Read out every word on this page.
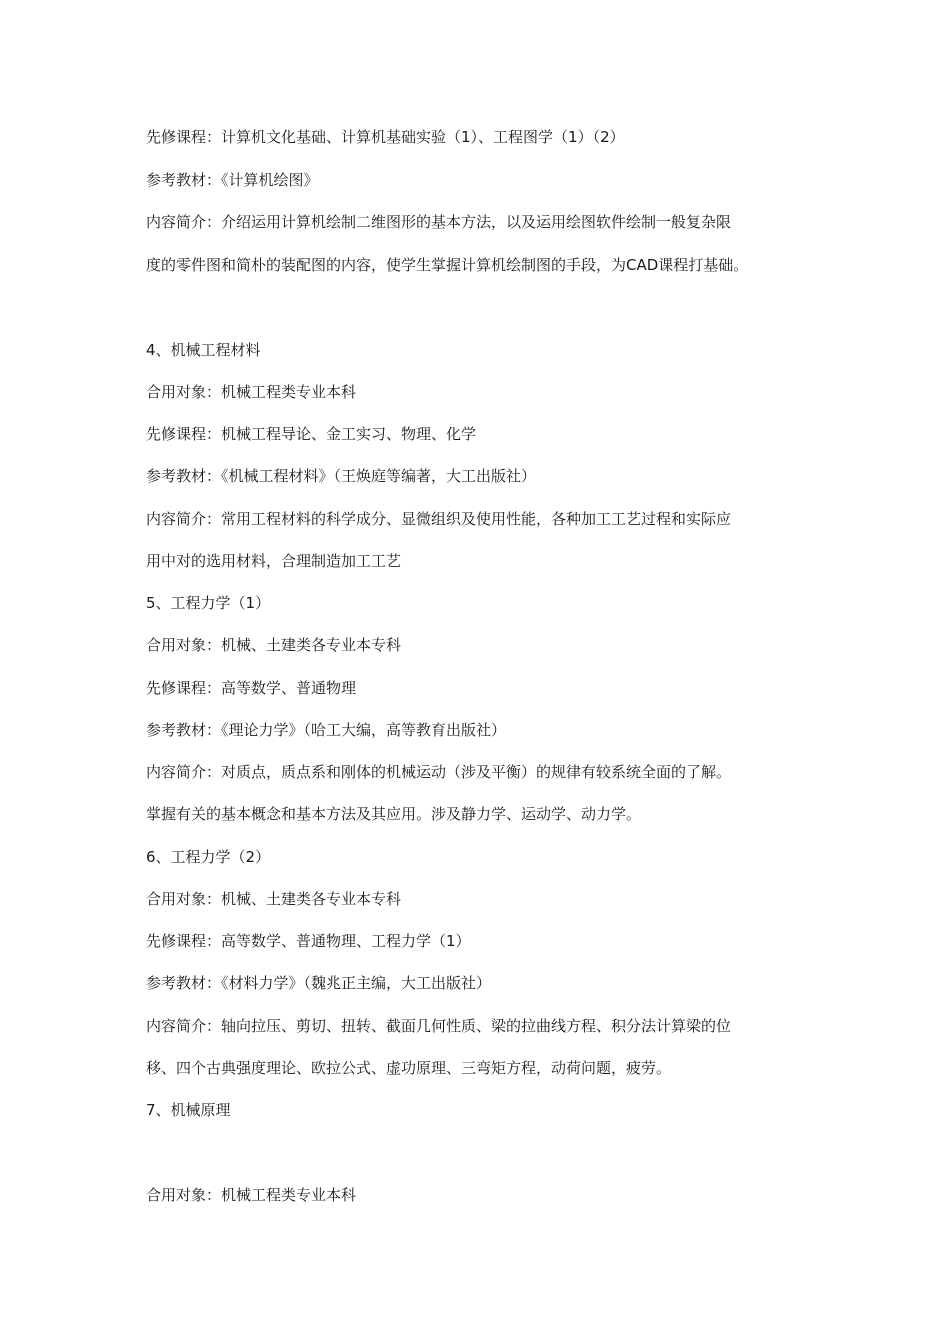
先修课程：计算机文化基础、计算机基础实验（1）、工程图学（1）（2）
参考教材：《计算机绘图》
内容简介：介绍运用计算机绘制二维图形的基本方法，以及运用绘图软件绘制一般复杂限
度的零件图和简朴的装配图的内容，使学生掌握计算机绘制图的手段，为CAD课程打基础。
4、机械工程材料
合用对象：机械工程类专业本科
先修课程：机械工程导论、金工实习、物理、化学
参考教材：《机械工程材料》（王焕庭等编著，大工出版社）
内容简介：常用工程材料的科学成分、显微组织及使用性能，各种加工工艺过程和实际应
用中对的选用材料，合理制造加工工艺
5、工程力学（1）
合用对象：机械、土建类各专业本专科
先修课程：高等数学、普通物理
参考教材：《理论力学》（哈工大编，高等教育出版社）
内容简介：对质点，质点系和刚体的机械运动（涉及平衡）的规律有较系统全面的了解。
掌握有关的基本概念和基本方法及其应用。涉及静力学、运动学、动力学。
6、工程力学（2）
合用对象：机械、土建类各专业本专科
先修课程：高等数学、普通物理、工程力学（1）
参考教材：《材料力学》（魏兆正主编，大工出版社）
内容简介：轴向拉压、剪切、扭转、截面几何性质、梁的拉曲线方程、积分法计算梁的位
移、四个古典强度理论、欧拉公式、虚功原理、三弯矩方程，动荷问题，疲劳。
7、机械原理
合用对象：机械工程类专业本科
